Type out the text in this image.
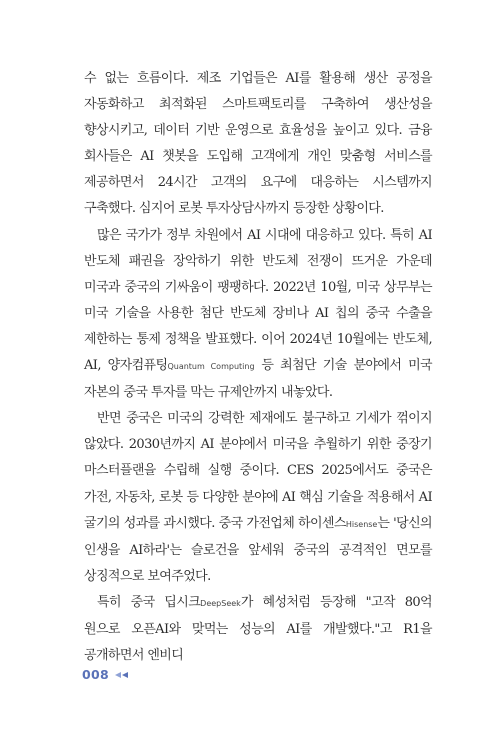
수 없는 흐름이다. 제조 기업들은 AI를 활용해 생산 공정을 자동화하고 최적화된 스마트팩토리를 구축하여 생산성을 향상시키고, 데이터 기반 운영으로 효율성을 높이고 있다. 금융 회사들은 AI 챗봇을 도입해 고객에게 개인 맞춤형 서비스를 제공하면서 24시간 고객의 요구에 대응하는 시스템까지 구축했다. 심지어 로봇 투자상담사까지 등장한 상황이다.

많은 국가가 정부 차원에서 AI 시대에 대응하고 있다. 특히 AI 반도체 패권을 장악하기 위한 반도체 전쟁이 뜨거운 가운데 미국과 중국의 기싸움이 팽팽하다. 2022년 10월, 미국 상무부는 미국 기술을 사용한 첨단 반도체 장비나 AI 칩의 중국 수출을 제한하는 통제 정책을 발표했다. 이어 2024년 10월에는 반도체, AI, 양자컴퓨팅Quantum Computing 등 최첨단 기술 분야에서 미국 자본의 중국 투자를 막는 규제안까지 내놓았다.

반면 중국은 미국의 강력한 제재에도 불구하고 기세가 꺾이지 않았다. 2030년까지 AI 분야에서 미국을 추월하기 위한 중장기 마스터플랜을 수립해 실행 중이다. CES 2025에서도 중국은 가전, 자동차, 로봇 등 다양한 분야에 AI 핵심 기술을 적용해서 AI 굴기의 성과를 과시했다. 중국 가전업체 하이센스Hisense는 '당신의 인생을 AI하라'는 슬로건을 앞세워 중국의 공격적인 면모를 상징적으로 보여주었다.

특히 중국 딥시크DeepSeek가 혜성처럼 등장해 "고작 80억 원으로 오픈AI와 맞먹는 성능의 AI를 개발했다."고 R1을 공개하면서 엔비디

008
